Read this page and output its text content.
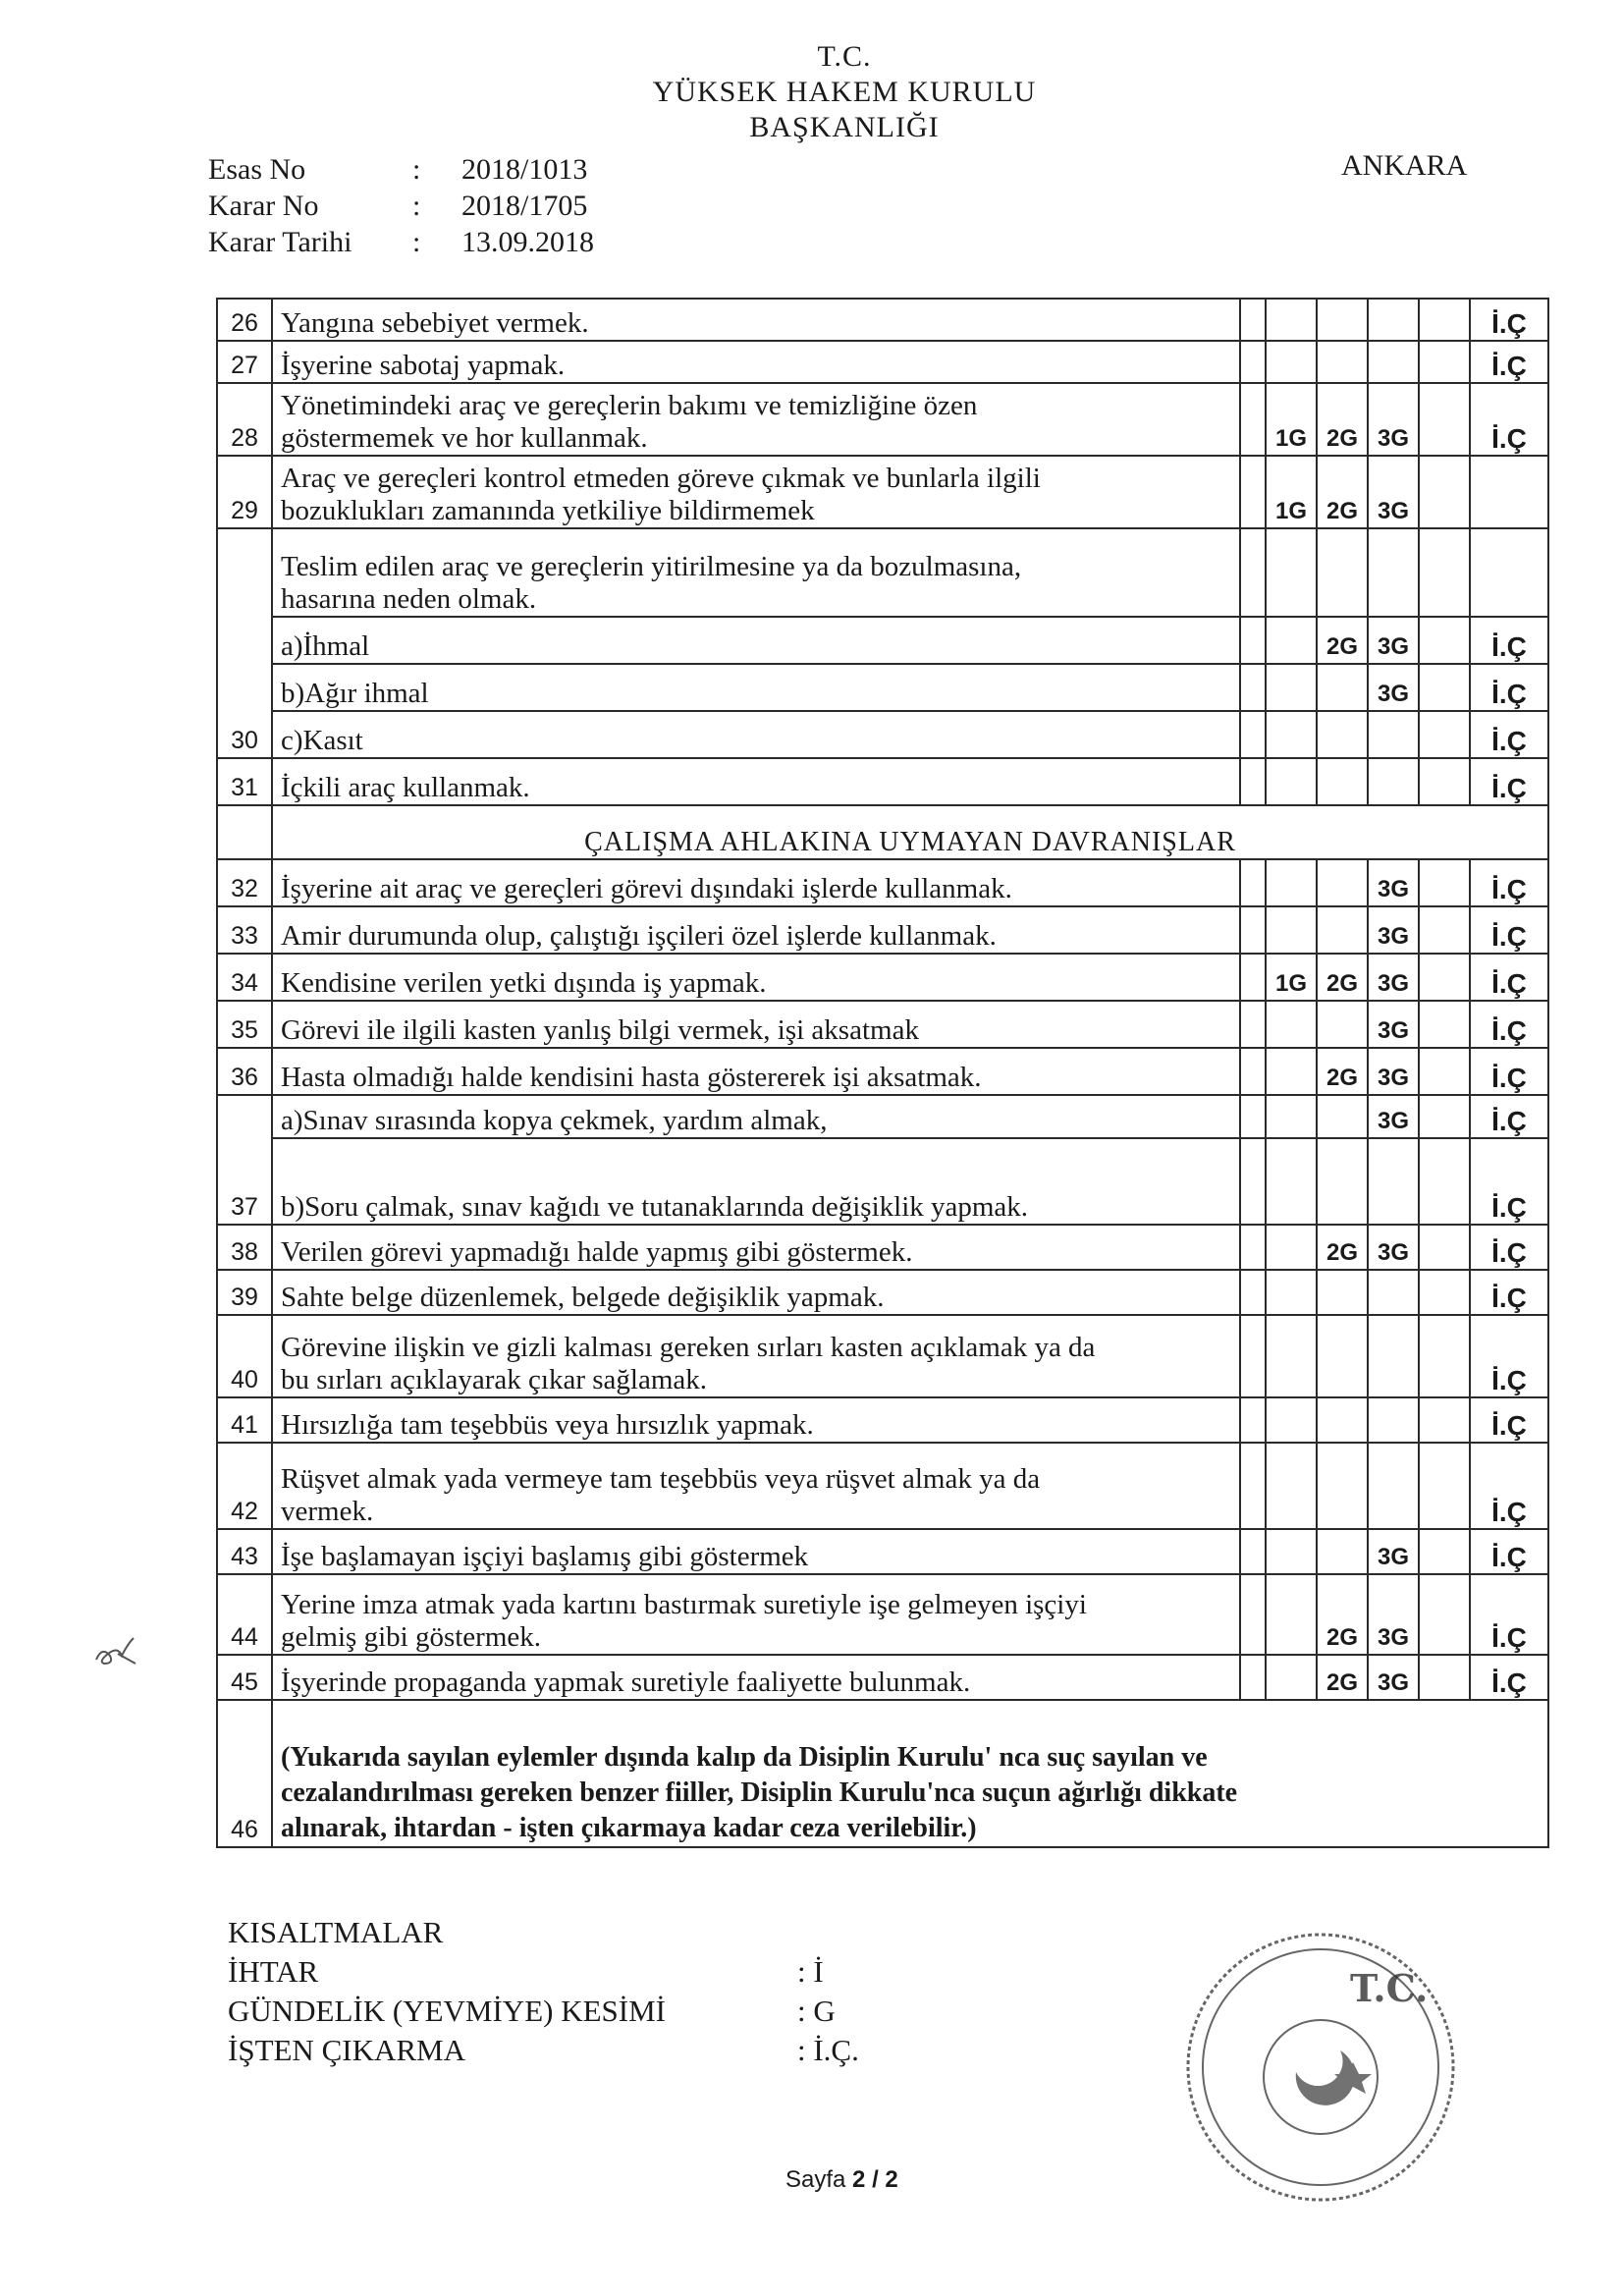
T.C.
YÜKSEK HAKEM KURULU
BAŞKANLIĞI
ANKARA
Esas No	:	2018/1013
Karar No	:	2018/1705
Karar Tarihi	:	13.09.2018
26	Yangına sebebiyet vermek.						İ.Ç
27	İşyerine sabotaj yapmak.						İ.Ç
28	Yönetimindeki araç ve gereçlerin bakımı ve temizliğine özen
göstermemek ve hor kullanmak.		1G	2G	3G		İ.Ç
29	Araç ve gereçleri kontrol etmeden göreve çıkmak ve bunlarla ilgili
bozuklukları zamanında yetkiliye bildirmemek		1G	2G	3G		
30	Teslim edilen araç ve gereçlerin yitirilmesine ya da bozulmasına,
hasarına neden olmak.						

	a)İhmal			2G	3G		İ.Ç
	b)Ağır ihmal				3G		İ.Ç
	c)Kasıt						İ.Ç
31	İçkili araç kullanmak.						İ.Ç
	ÇALIŞMA AHLAKINA UYMAYAN DAVRANIŞLAR						
32	İşyerine ait araç ve gereçleri görevi dışındaki işlerde kullanmak.				3G		İ.Ç
33	Amir durumunda olup, çalıştığı işçileri özel işlerde kullanmak.				3G		İ.Ç
34	Kendisine verilen yetki dışında iş yapmak.		1G	2G	3G		İ.Ç
35	Görevi ile ilgili kasten yanlış bilgi vermek, işi aksatmak				3G		İ.Ç
36	Hasta olmadığı halde kendisini hasta göstererek işi aksatmak.			2G	3G		İ.Ç
37	a)Sınav sırasında kopya çekmek, yardım almak,				3G		İ.Ç
	b)Soru çalmak, sınav kağıdı ve tutanaklarında değişiklik yapmak.						İ.Ç
38	Verilen görevi yapmadığı halde yapmış gibi göstermek.			2G	3G		İ.Ç
39	Sahte belge düzenlemek, belgede değişiklik yapmak.						İ.Ç
40	Görevine ilişkin ve gizli kalması gereken sırları kasten açıklamak ya da
bu sırları açıklayarak çıkar sağlamak.						İ.Ç
41	Hırsızlığa tam teşebbüs veya hırsızlık yapmak.						İ.Ç
42	Rüşvet almak yada vermeye tam teşebbüs veya rüşvet almak ya da
vermek.						İ.Ç
43	İşe başlamayan işçiyi başlamış gibi göstermek				3G		İ.Ç
44	Yerine imza atmak yada kartını bastırmak suretiyle işe gelmeyen işçiyi
gelmiş gibi göstermek.			2G	3G		İ.Ç
45	İşyerinde propaganda yapmak suretiyle faaliyette bulunmak.			2G	3G		İ.Ç
46	(Yukarıda sayılan eylemler dışında kalıp da Disiplin Kurulu' nca suç sayılan ve
cezalandırılması gereken benzer fiiller, Disiplin Kurulu'nca suçun ağırlığı dikkate
alınarak, ihtardan - işten çıkarmaya kadar ceza verilebilir.)						
KISALTMALAR
İHTAR	: İ
GÜNDELİK (YEVMİYE) KESİMİ	: G
İŞTEN ÇIKARMA	: İ.Ç.
T.C.
Sayfa 2 / 2
